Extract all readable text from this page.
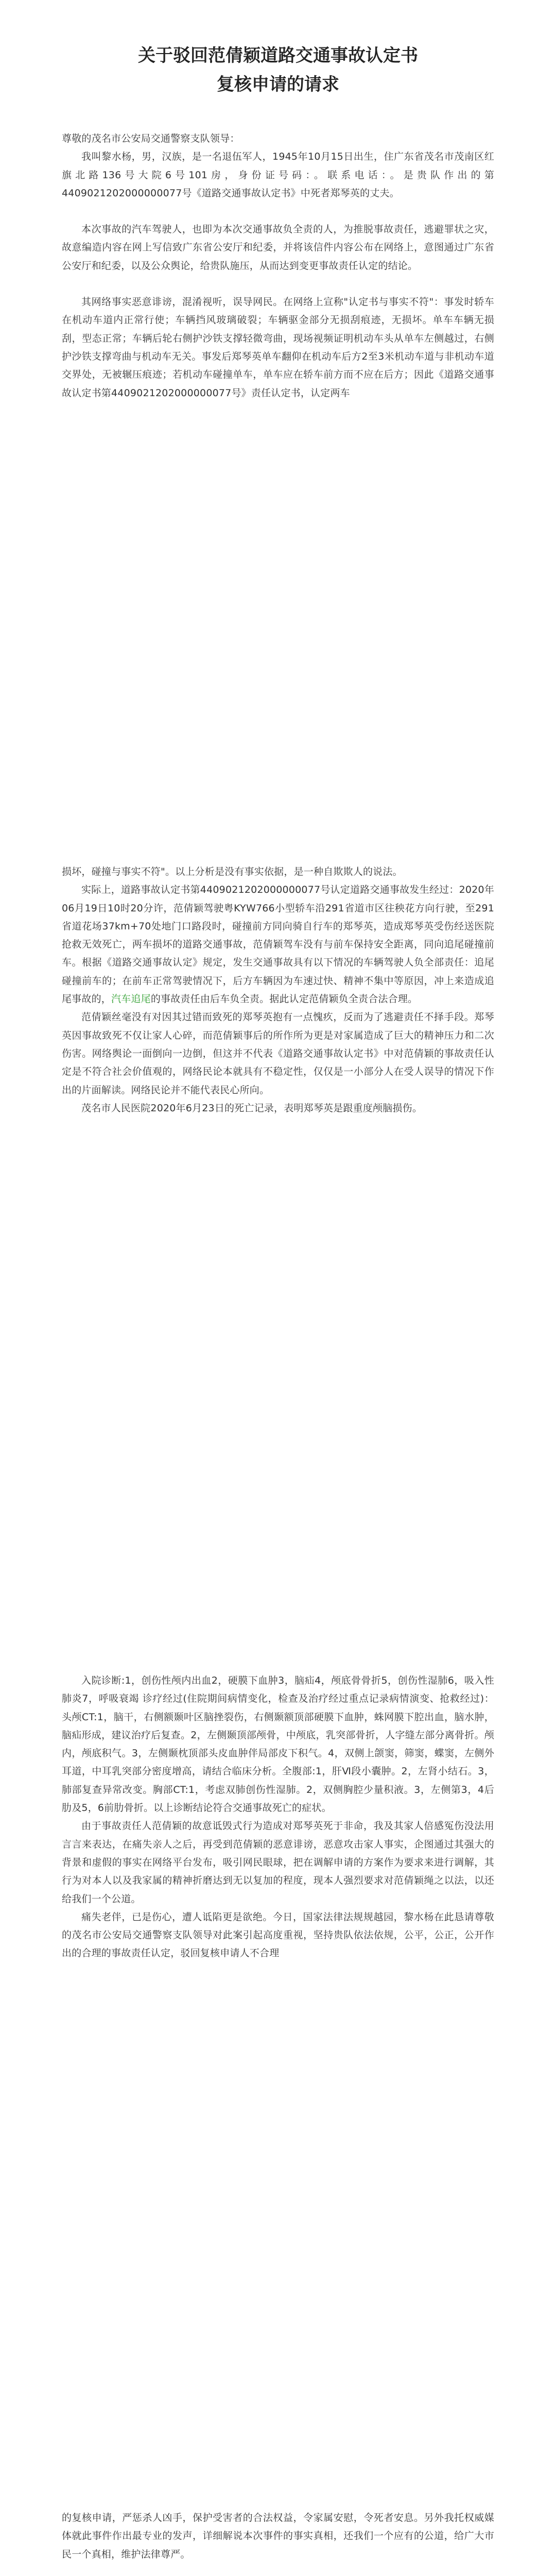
关于驳回范倩颖道路交通事故认定书
复核申请的请求

尊敬的茂名市公安局交通警察支队领导：

我叫黎水杨，男，汉族，是一名退伍军人，1945年10月15日出生，住广东省茂名市茂南区红旗北路136号大院6号101房，身份证号码：。联系电话：。是贵队作出的第4409021202000000077号《道路交通事故认定书》中死者郑琴英的丈夫。

本次事故的汽车驾驶人，也即为本次交通事故负全责的人，为推脱事故责任，逃避罪状之灾，故意编造内容在网上写信致广东省公安厅和纪委，并将该信件内容公布在网络上，意图通过广东省公安厅和纪委，以及公众舆论，给贵队施压，从而达到变更事故责任认定的结论。

其网络事实恶意诽谤，混淆视听，误导网民。在网络上宣称"认定书与事实不符"：事发时轿车在机动车道内正常行使；车辆挡风玻璃破裂；车辆驱金部分无损刮痕迹，无损坏。单车车辆无损刮，型态正常；车辆后轮右侧护沙铁支撑轻微弯曲，现场视频证明机动车头从单车左侧越过，右侧护沙铁支撑弯曲与机动车无关。事发后郑琴英单车翻仰在机动车后方2至3米机动车道与非机动车道交界处，无被辗压痕迹；若机动车碰撞单车，单车应在轿车前方而不应在后方；因此《道路交通事故认定书第4409021202000000077号》责任认定书，认定两车

损坏，碰撞与事实不符"。以上分析是没有事实依据，是一种自欺欺人的说法。

实际上，道路事故认定书第4409021202000000077号认定道路交通事故发生经过：2020年06月19日10时20分许，范倩颖驾驶粤KYW766小型轿车沿291省道市区往秧花方向行驶，至291省道花场37km+70处地门口路段时，碰撞前方同向骑自行车的郑琴英，造成郑琴英受伤经送医院抢救无效死亡，两车损坏的道路交通事故，范倩颖驾车没有与前车保持安全距离，同向追尾碰撞前车。根据《道路交通事故认定》规定，发生交通事故具有以下情况的车辆驾驶人负全部责任：追尾碰撞前车的；在前车正常驾驶情况下，后方车辆因为车速过快、精神不集中等原因，冲上来造成追尾事故的，汽车追尾的事故责任由后车负全责。据此认定范倩颖负全责合法合理。

范倩颖丝毫没有对因其过错而致死的郑琴英抱有一点愧疚，反而为了逃避责任不择手段。郑琴英因事故致死不仅让家人心碎，而范倩颖事后的所作所为更是对家属造成了巨大的精神压力和二次伤害。网络舆论一面倒向一边倒，但这并不代表《道路交通事故认定书》中对范倩颖的事故责任认定是不符合社会价值观的，网络民论本就具有不稳定性，仅仅是一小部分人在受人误导的情况下作出的片面解读。网络民论并不能代表民心所向。

茂名市人民医院2020年6月23日的死亡记录，表明郑琴英是跟重度颅脑损伤。

入院诊断:1，创伤性颅内出血2，硬膜下血肿3，脑疝4，颅底骨骨折5，创伤性湿肺6，吸入性肺炎7，呼吸衰竭 诊疗经过(住院期间病情变化，检查及治疗经过重点记录病情演变、抢救经过)：头颅CT:1，脑干，右侧额颞叶区脑挫裂伤，右侧颞额顶部硬膜下血肿，蛛网膜下腔出血，脑水肿，脑疝形成，建议治疗后复查。2，左侧颞顶部颅骨，中颅底，乳突部骨折，人字缝左部分离骨折。颅内，颅底积气。3，左侧颞枕顶部头皮血肿伴局部皮下积气。4，双侧上颌窦，筛窦，蝶窦，左侧外耳道，中耳乳突部分密度增高，请结合临床分析。全腹部:1，肝Ⅵ段小囊肿。2，左肾小结石。3，肺部复查异常改变。胸部CT:1，考虑双肺创伤性湿肺。2，双侧胸腔少量积液。3，左侧第3，4后肋及5，6前肋骨折。以上诊断结论符合交通事故死亡的症状。

由于事故责任人范倩颖的故意诋毁式行为造成对郑琴英死于非命，我及其家人倍感冤伤没法用言言来表达，在痛失亲人之后，再受到范倩颖的恶意诽谤，恶意攻击家人事实，企图通过其强大的背景和虚假的事实在网络平台发布，吸引网民眼球，把在调解申请的方案作为要求来进行调解，其行为对本人以及我家属的精神折磨达到无以复加的程度，现本人强烈要求对范倩颖绳之以法，以还给我们一个公道。

痛失老伴，已是伤心，遭人诋陷更是欲绝。今日，国家法律法规规越园，黎水杨在此恳请尊敬的茂名市公安局交通警察支队领导对此案引起高度重视，坚持贵队依法依规，公平，公正，公开作出的合理的事故责任认定，驳回复核申请人不合理

的复核申请，严惩杀人凶手，保护受害者的合法权益，令家属安慰，令死者安息。另外我托权威媒体就此事件作出最专业的发声，详细解说本次事件的事实真相，还我们一个应有的公道，给广大市民一个真相，维护法律尊严。
